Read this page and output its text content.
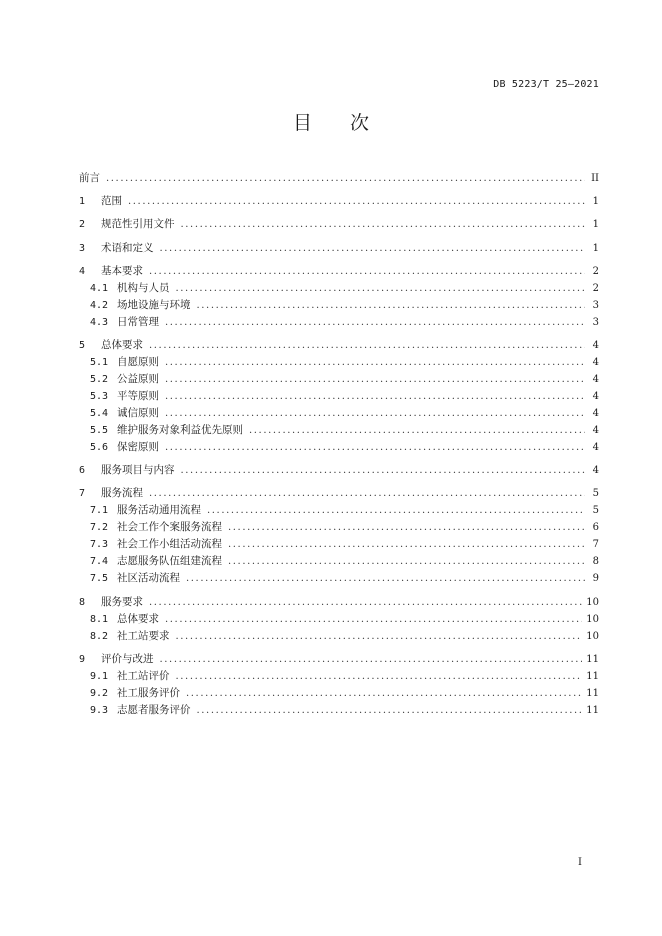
DB 5223/T 25—2021
目 次
前言 .....	II
1	范围 .....	1
2	规范性引用文件 .....	1
3	术语和定义 .....	1
4	基本要求 .....	2
4.1 机构与人员 .....	2
4.2 场地设施与环境 .....	3
4.3 日常管理 .....	3
5	总体要求 .....	4
5.1 自愿原则 .....	4
5.2 公益原则 .....	4
5.3 平等原则 .....	4
5.4 诚信原则 .....	4
5.5 维护服务对象利益优先原则 .....	4
5.6 保密原则 .....	4
6	服务项目与内容 .....	4
7	服务流程 .....	5
7.1 服务活动通用流程 .....	5
7.2 社会工作个案服务流程 .....	6
7.3 社会工作小组活动流程 .....	7
7.4 志愿服务队伍组建流程 .....	8
7.5 社区活动流程 .....	9
8	服务要求 .....	10
8.1 总体要求 .....	10
8.2 社工站要求 .....	10
9	评价与改进 .....	11
9.1 社工站评价 .....	11
9.2 社工服务评价 .....	11
9.3 志愿者服务评价 .....	11
I
